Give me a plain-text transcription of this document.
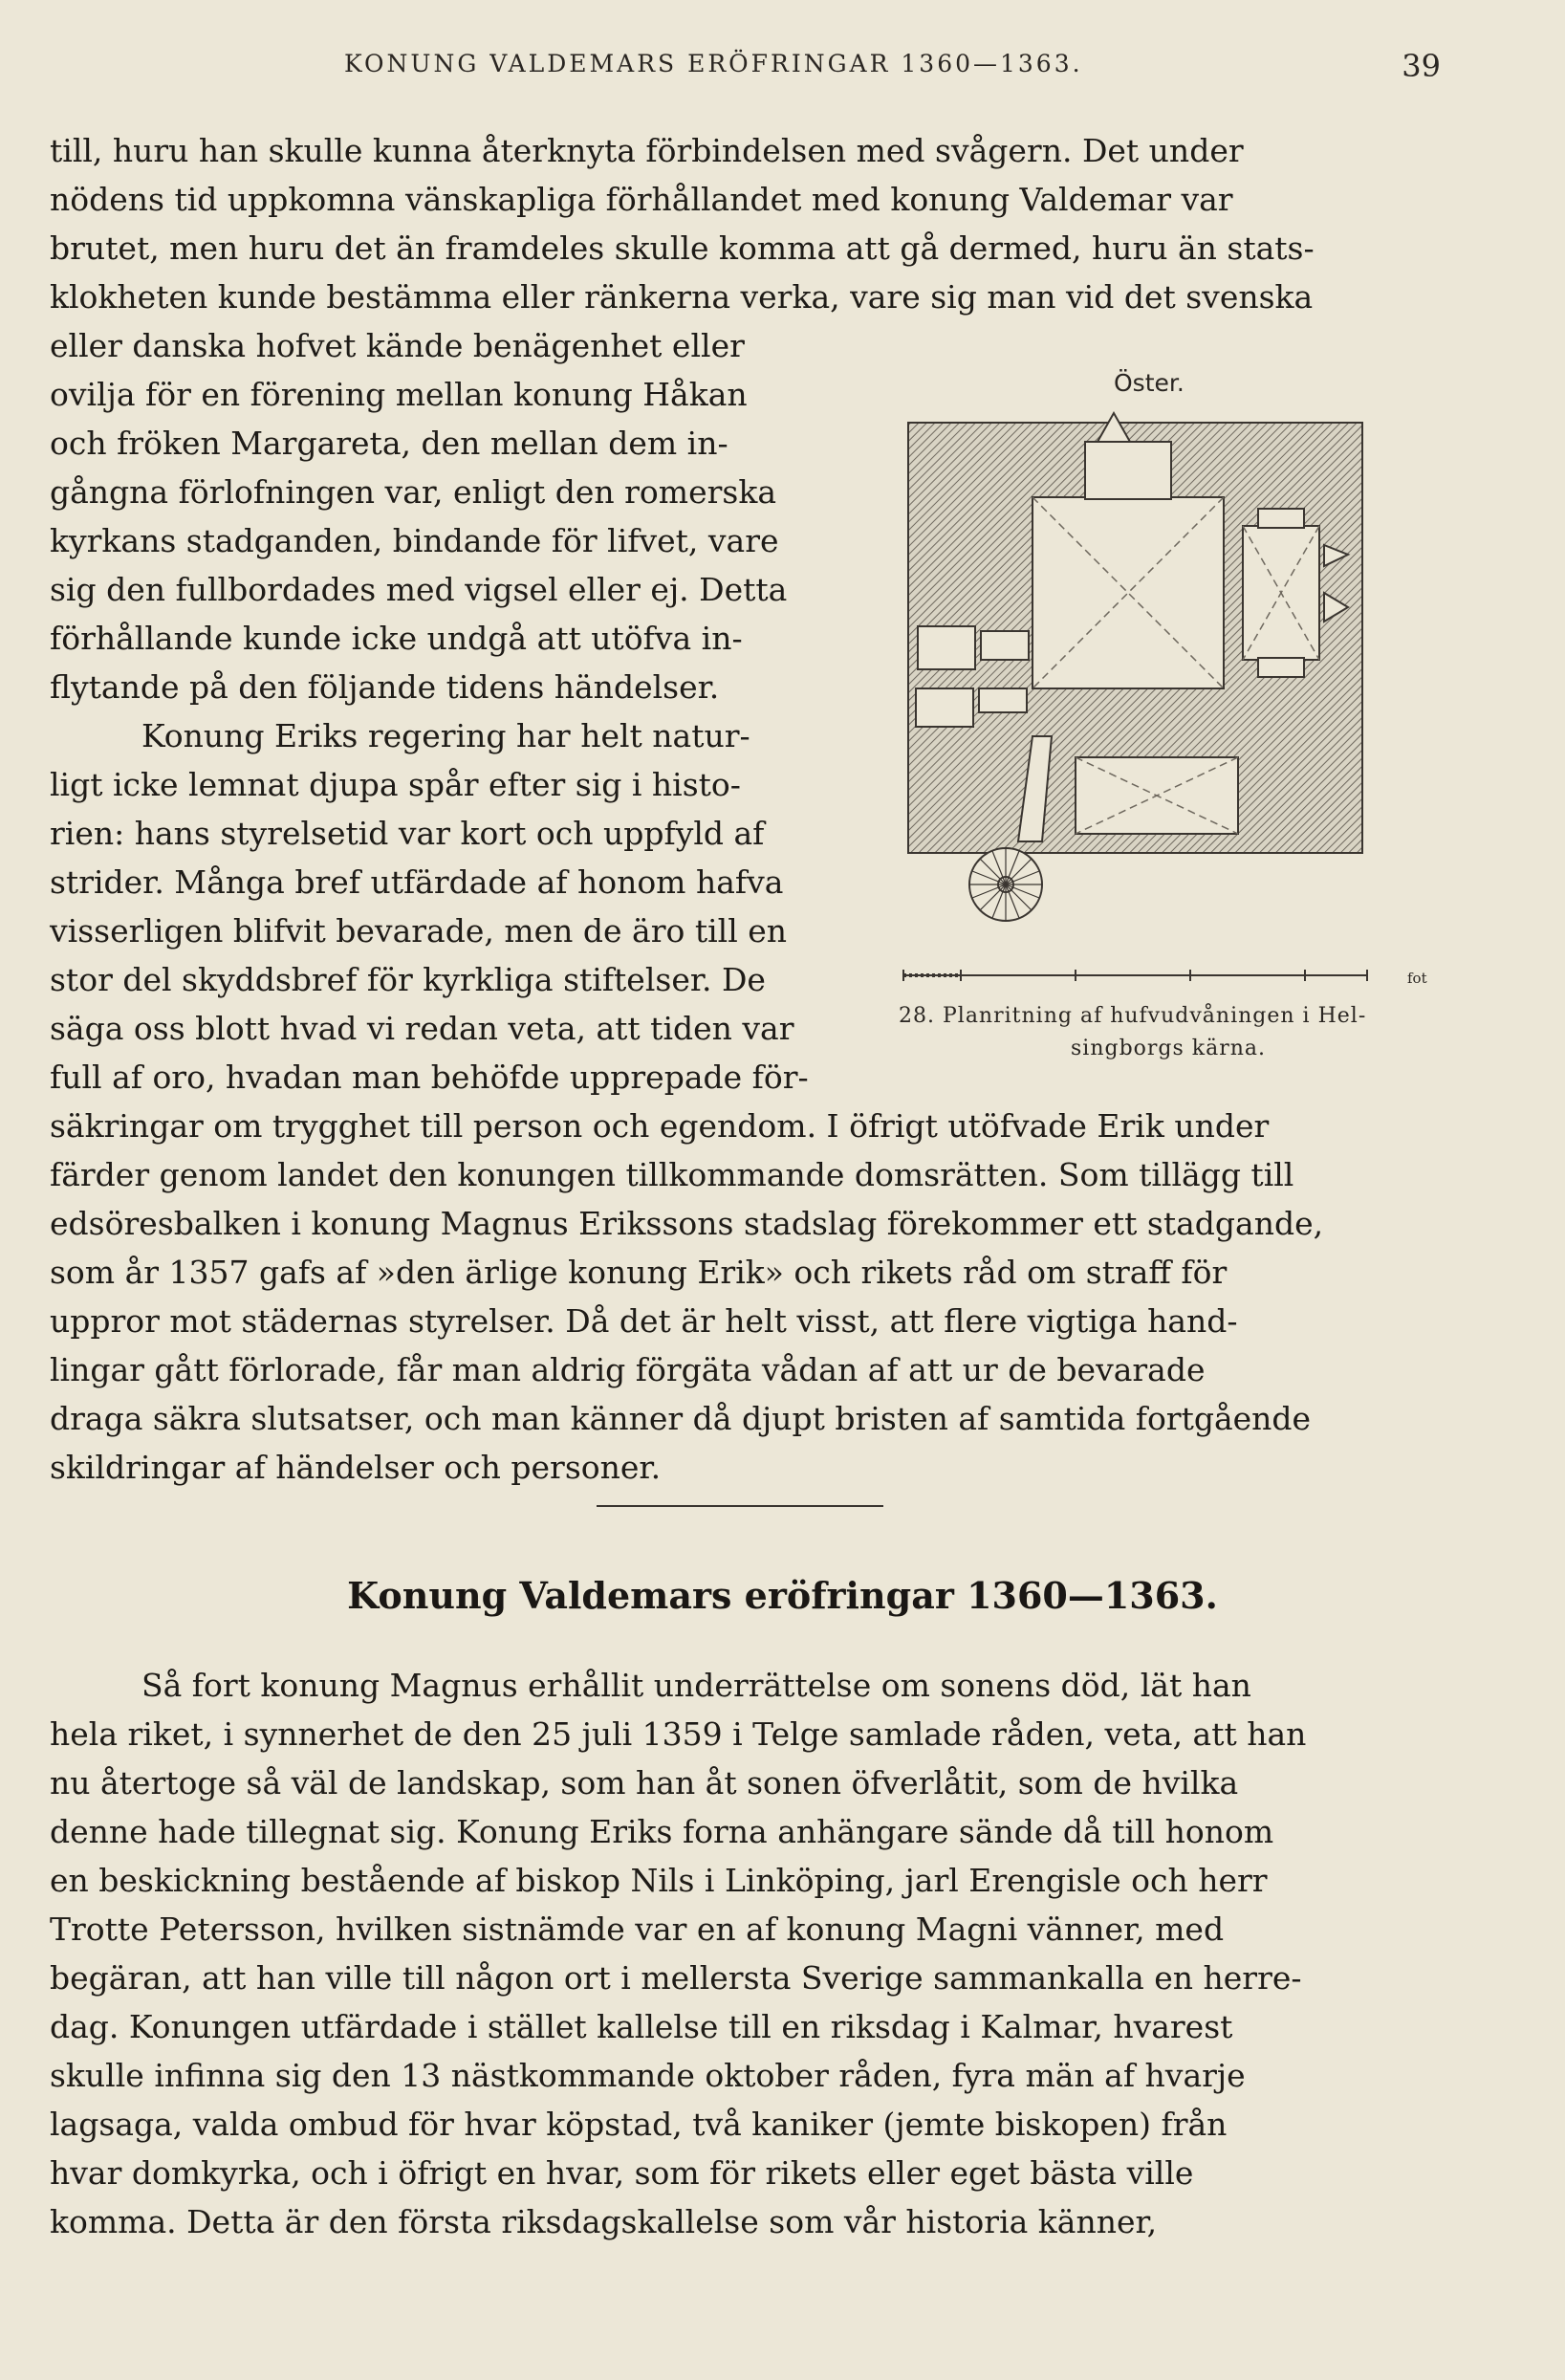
KONUNG VALDEMARS ERÖFRINGAR 1360—1363.	39
till, huru han skulle kunna återknyta förbindelsen med svågern. Det under
nödens tid uppkomna vänskapliga förhållandet med konung Valdemar var
brutet, men huru det än framdeles skulle komma att gå dermed, huru än stats-
klokheten kunde bestämma eller ränkerna verka, vare sig man vid det svenska
eller danska hofvet kände benägenhet eller
ovilja för en förening mellan konung Håkan
och fröken Margareta, den mellan dem in-
gångna förlofningen var, enligt den romerska
kyrkans stadganden, bindande för lifvet, vare
sig den fullbordades med vigsel eller ej. Detta
förhållande kunde icke undgå att utöfva in-
flytande på den följande tidens händelser.
Konung Eriks regering har helt natur-
ligt icke lemnat djupa spår efter sig i histo-
rien: hans styrelsetid var kort och uppfyld af
strider. Många bref utfärdade af honom hafva
visserligen blifvit bevarade, men de äro till en
stor del skyddsbref för kyrkliga stiftelser. De
säga oss blott hvad vi redan veta, att tiden var
full af oro, hvadan man behöfde upprepade för-
säkringar om trygghet till person och egendom. I öfrigt utöfvade Erik under
färder genom landet den konungen tillkommande domsrätten. Som tillägg till
edsöresbalken i konung Magnus Erikssons stadslag förekommer ett stadgande,
som år 1357 gafs af »den ärlige konung Erik» och rikets råd om straff för
uppror mot städernas styrelser. Då det är helt visst, att flere vigtiga hand-
lingar gått förlorade, får man aldrig förgäta vådan af att ur de bevarade
draga säkra slutsatser, och man känner då djupt bristen af samtida fortgående
skildringar af händelser och personer.
Öster.
fot
28. Planritning af hufvudvåningen i Hel-
singborgs kärna.
Konung Valdemars eröfringar 1360—1363.
Så fort konung Magnus erhållit underrättelse om sonens död, lät han
hela riket, i synnerhet de den 25 juli 1359 i Telge samlade råden, veta, att han
nu återtoge så väl de landskap, som han åt sonen öfverlåtit, som de hvilka
denne hade tillegnat sig. Konung Eriks forna anhängare sände då till honom
en beskickning bestående af biskop Nils i Linköping, jarl Erengisle och herr
Trotte Petersson, hvilken sistnämde var en af konung Magni vänner, med
begäran, att han ville till någon ort i mellersta Sverige sammankalla en herre-
dag. Konungen utfärdade i stället kallelse till en riksdag i Kalmar, hvarest
skulle infinna sig den 13 nästkommande oktober råden, fyra män af hvarje
lagsaga, valda ombud för hvar köpstad, två kaniker (jemte biskopen) från
hvar domkyrka, och i öfrigt en hvar, som för rikets eller eget bästa ville
komma. Detta är den första riksdagskallelse som vår historia känner,
